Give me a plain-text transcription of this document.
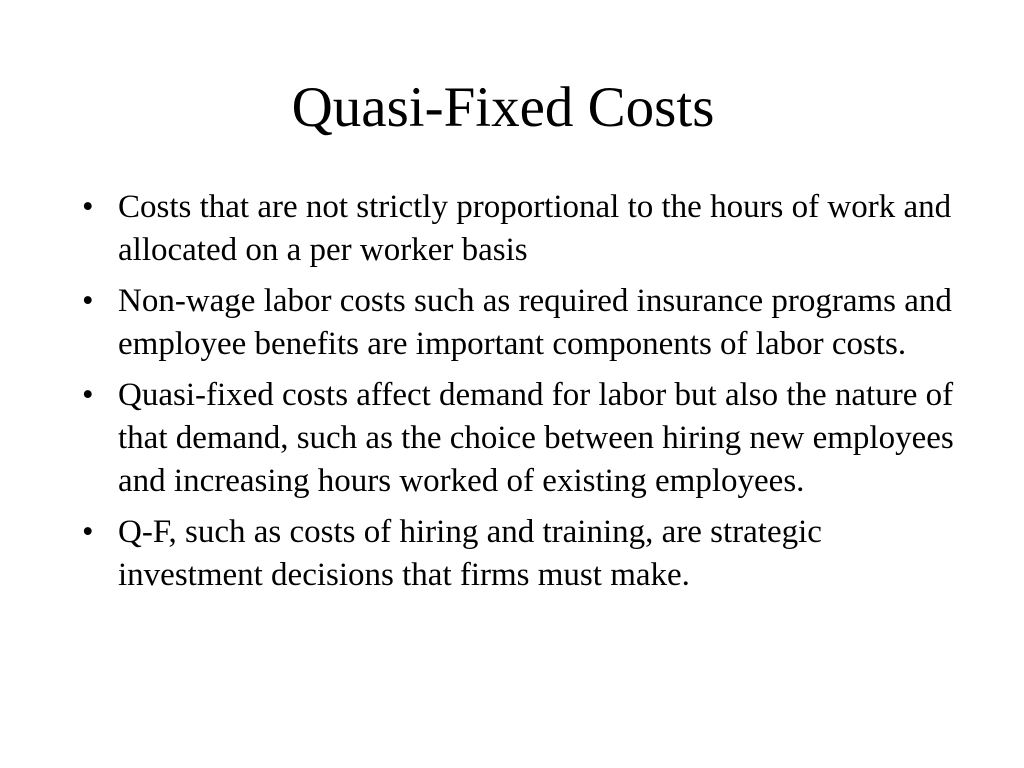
Quasi-Fixed Costs
• Costs that are not strictly proportional to the hours of work and allocated on a per worker basis
• Non-wage labor costs such as required insurance programs and employee benefits are important components of labor costs.
• Quasi-fixed costs affect demand for labor but also the nature of that demand, such as the choice between hiring new employees and increasing hours worked of existing employees.
• Q-F, such as costs of hiring and training, are strategic investment decisions that firms must make.
